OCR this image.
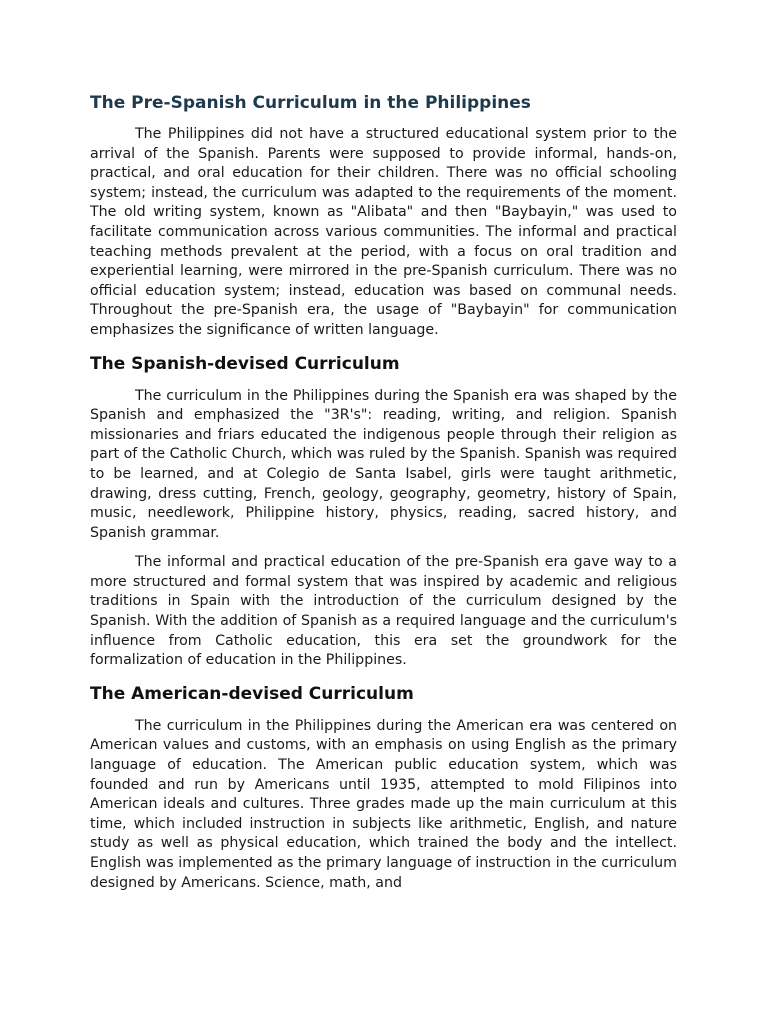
The Pre-Spanish Curriculum in the Philippines

The Philippines did not have a structured educational system prior to the arrival of the Spanish. Parents were supposed to provide informal, hands-on, practical, and oral education for their children. There was no official schooling system; instead, the curriculum was adapted to the requirements of the moment. The old writing system, known as "Alibata" and then "Baybayin," was used to facilitate communication across various communities. The informal and practical teaching methods prevalent at the period, with a focus on oral tradition and experiential learning, were mirrored in the pre-Spanish curriculum. There was no official education system; instead, education was based on communal needs. Throughout the pre-Spanish era, the usage of "Baybayin" for communication emphasizes the significance of written language.

The Spanish-devised Curriculum

The curriculum in the Philippines during the Spanish era was shaped by the Spanish and emphasized the "3R's": reading, writing, and religion. Spanish missionaries and friars educated the indigenous people through their religion as part of the Catholic Church, which was ruled by the Spanish. Spanish was required to be learned, and at Colegio de Santa Isabel, girls were taught arithmetic, drawing, dress cutting, French, geology, geography, geometry, history of Spain, music, needlework, Philippine history, physics, reading, sacred history, and Spanish grammar.

The informal and practical education of the pre-Spanish era gave way to a more structured and formal system that was inspired by academic and religious traditions in Spain with the introduction of the curriculum designed by the Spanish. With the addition of Spanish as a required language and the curriculum's influence from Catholic education, this era set the groundwork for the formalization of education in the Philippines.

The American-devised Curriculum

The curriculum in the Philippines during the American era was centered on American values and customs, with an emphasis on using English as the primary language of education. The American public education system, which was founded and run by Americans until 1935, attempted to mold Filipinos into American ideals and cultures. Three grades made up the main curriculum at this time, which included instruction in subjects like arithmetic, English, and nature study as well as physical education, which trained the body and the intellect. English was implemented as the primary language of instruction in the curriculum designed by Americans. Science, math, and
